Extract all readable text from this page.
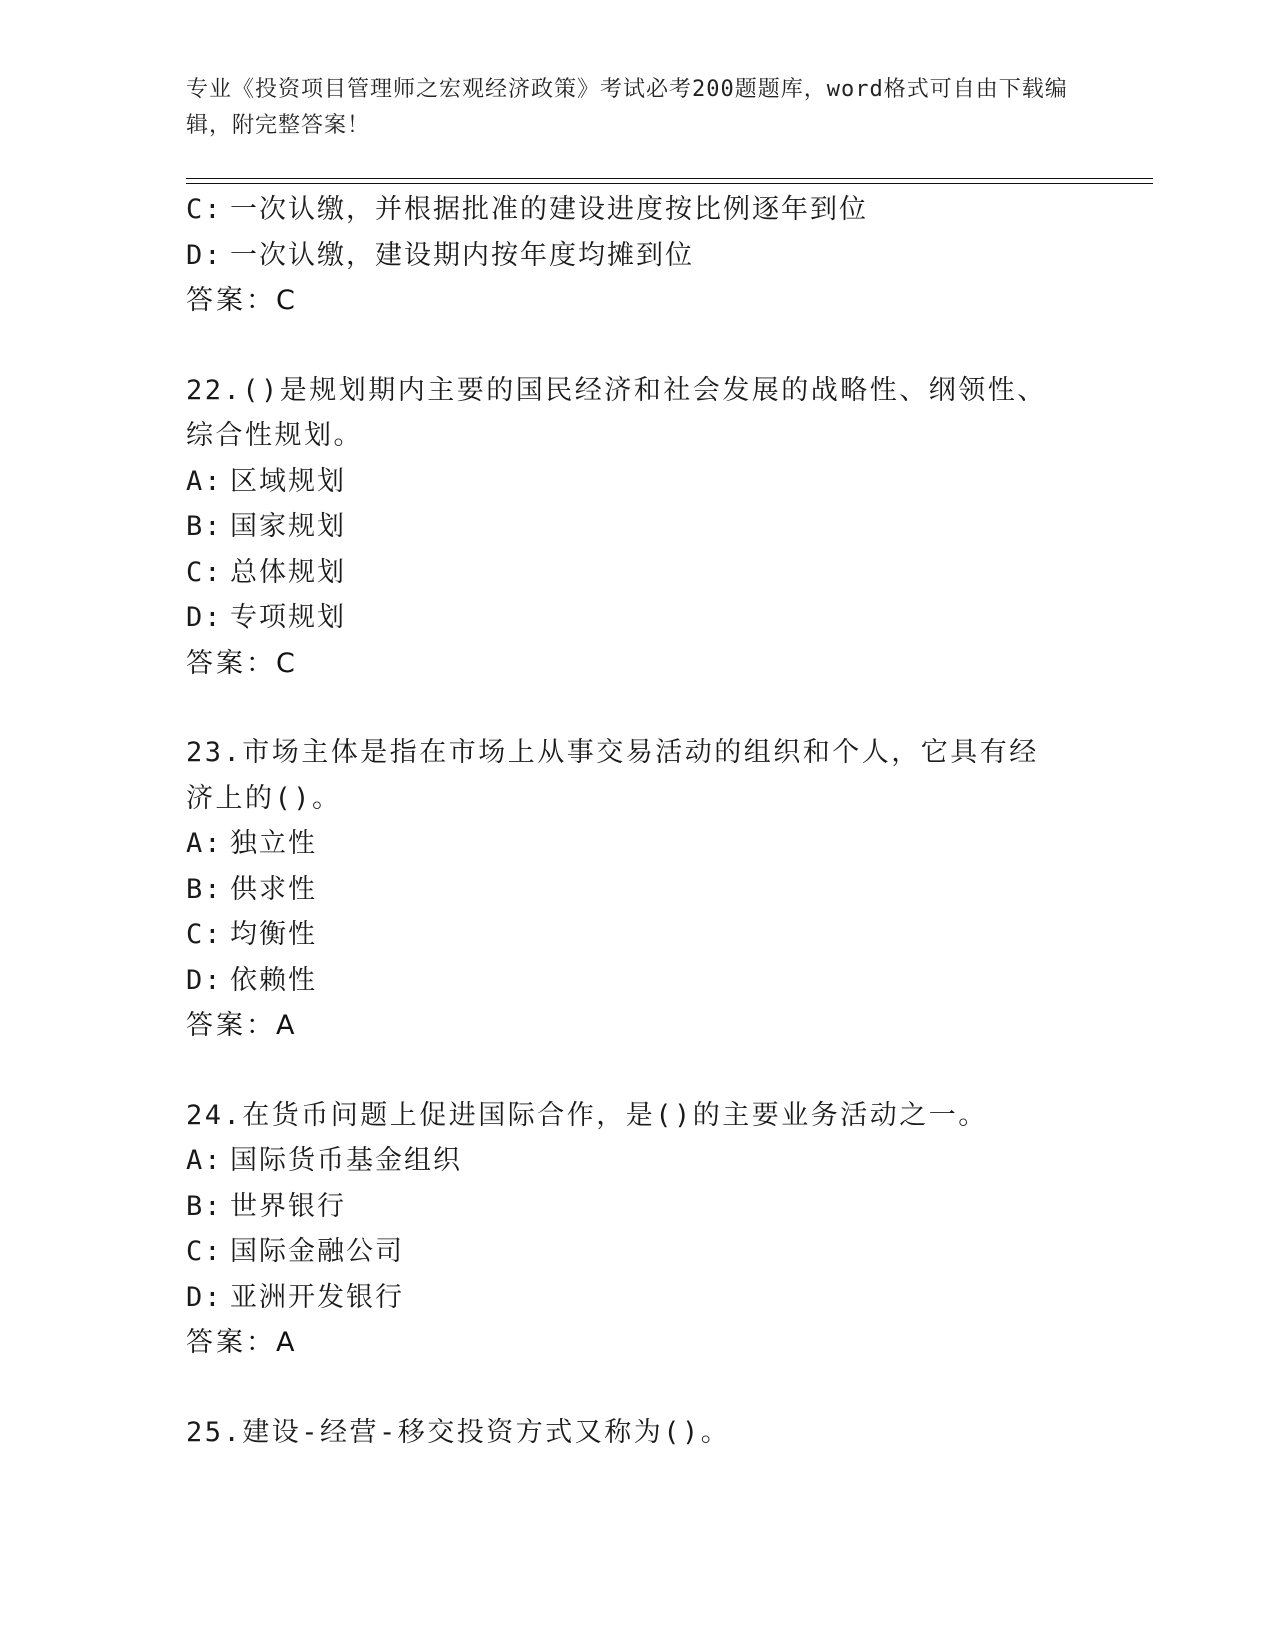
专业《投资项目管理师之宏观经济政策》考试必考200题题库，word格式可自由下载编辑，附完整答案！
C: 一次认缴，并根据批准的建设进度按比例逐年到位
D: 一次认缴，建设期内按年度均摊到位
答案：C
22.()是规划期内主要的国民经济和社会发展的战略性、纲领性、综合性规划。
A: 区域规划
B: 国家规划
C: 总体规划
D: 专项规划
答案：C
23.市场主体是指在市场上从事交易活动的组织和个人，它具有经济上的()。
A: 独立性
B: 供求性
C: 均衡性
D: 依赖性
答案：A
24.在货币问题上促进国际合作，是()的主要业务活动之一。
A: 国际货币基金组织
B: 世界银行
C: 国际金融公司
D: 亚洲开发银行
答案：A
25.建设-经营-移交投资方式又称为()。
